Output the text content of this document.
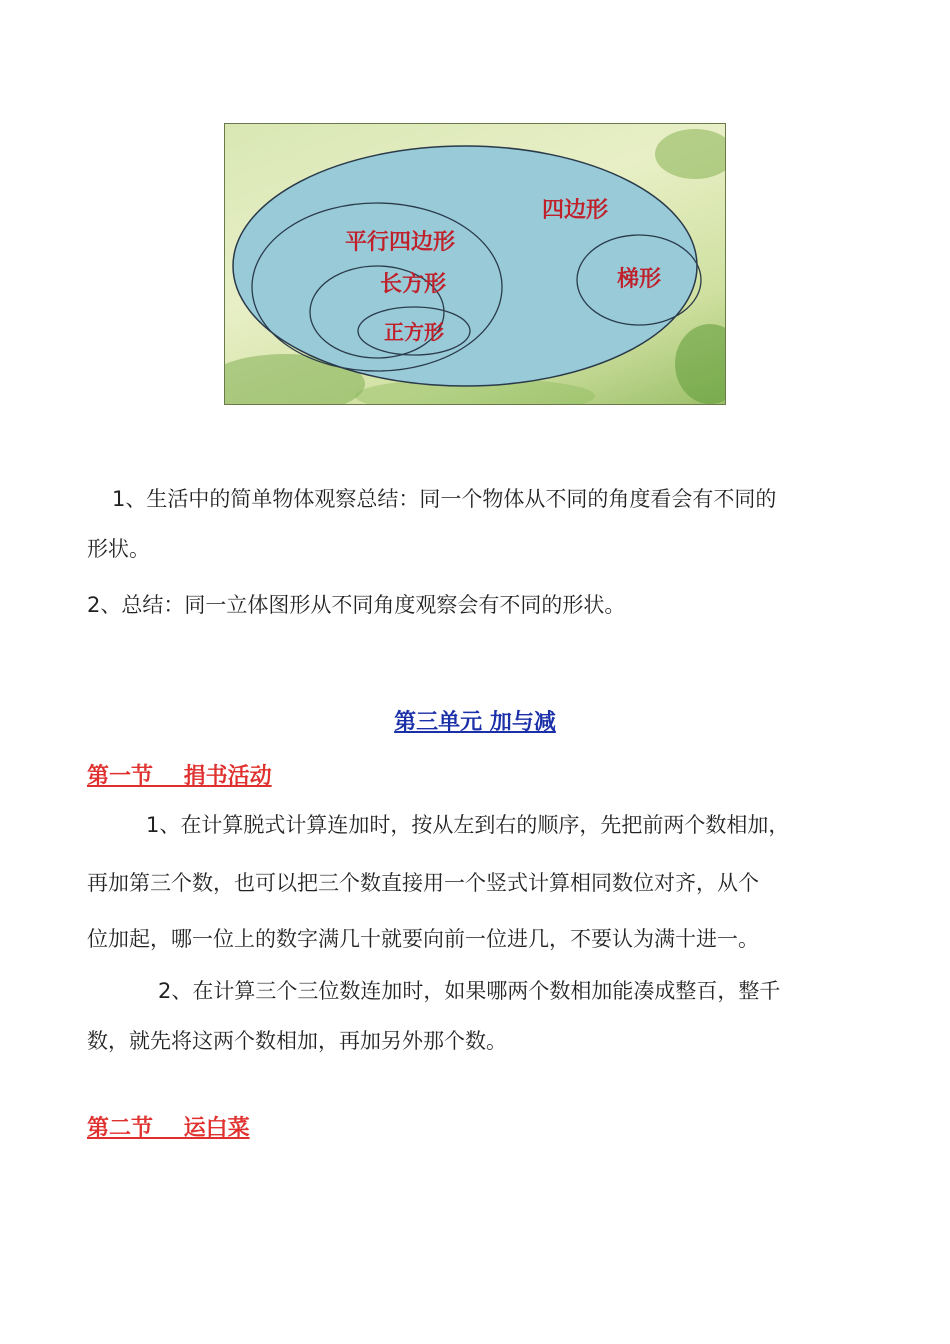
四边形
平行四边形
长方形
正方形
梯形
1、生活中的简单物体观察总结：同一个物体从不同的角度看会有不同的
形状。
2、总结：同一立体图形从不同角度观察会有不同的形状。
第三单元 加与减
第一节    捐书活动
1、在计算脱式计算连加时，按从左到右的顺序，先把前两个数相加，
再加第三个数，也可以把三个数直接用一个竖式计算相同数位对齐，从个
位加起，哪一位上的数字满几十就要向前一位进几，不要认为满十进一。
2、在计算三个三位数连加时，如果哪两个数相加能凑成整百，整千
数，就先将这两个数相加，再加另外那个数。
第二节    运白菜
